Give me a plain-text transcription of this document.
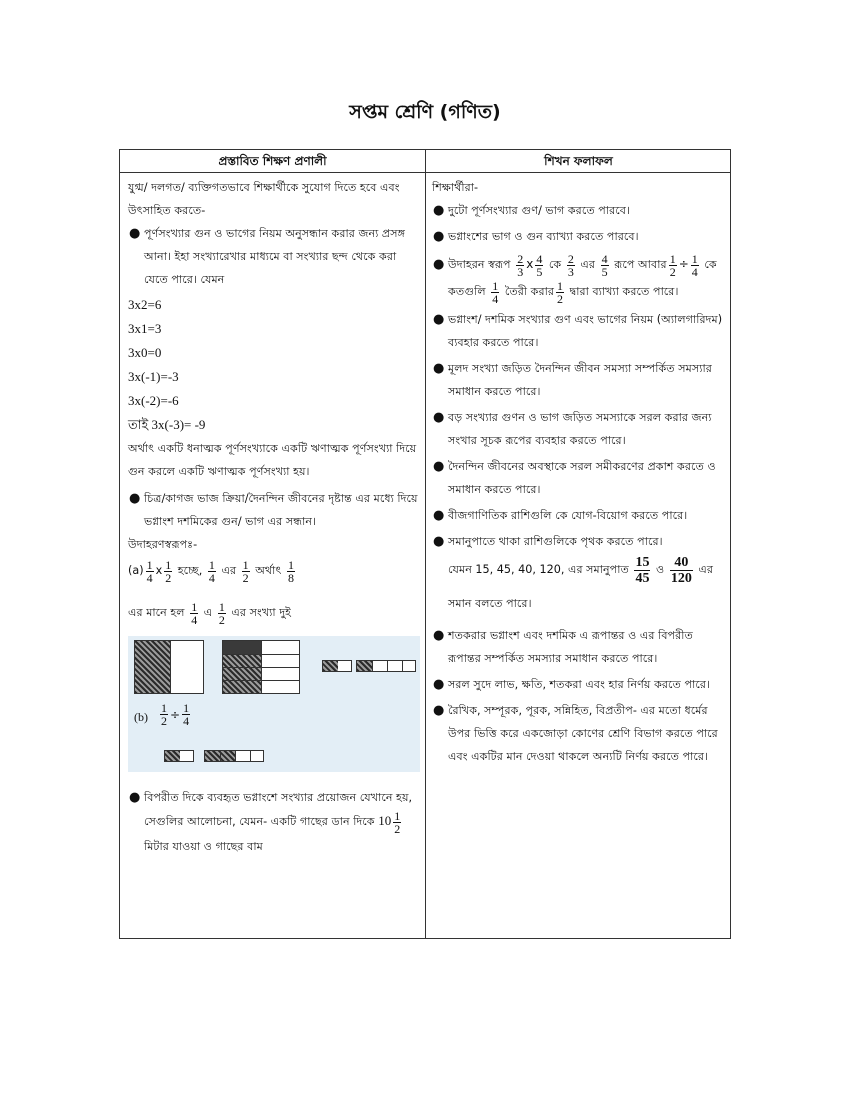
সপ্তম শ্রেণি (গণিত)
প্রস্তাবিত শিক্ষণ প্রণালী	শিখন ফলাফল

যুগ্ম/ দলগত/ ব্যক্তিগতভাবে শিক্ষার্থীকে সুযোগ দিতে হবে এবং উৎসাহিত করতে-

● পূর্ণসংখ্যার গুন ও ভাগের নিয়ম অনুসন্ধান করার জন্য প্রসঙ্গ আনা। ইহা সংখ্যারেখার মাধ্যমে বা সংখ্যার ছন্দ থেকে করা যেতে পারে। যেমন

3x2=6

3x1=3

3x0=0

3x(-1)=-3

3x(-2)=-6

তাই 3x(-3)= -9

অর্থাৎ একটি ধনাত্মক পূর্ণসংখ্যাকে একটি ঋণাত্মক পূর্ণসংখ্যা দিয়ে গুন করলে একটি ঋণাত্মক পূর্ণসংখ্যা হয়।

● চিত্র/কাগজ ভাজ ক্রিয়া/দৈনন্দিন জীবনের দৃষ্টান্ত এর মধ্যে দিয়ে ভগ্নাংশ দশমিকের গুন/ ভাগ এর সন্ধান।

উদাহরণস্বরূপঃ-

$(a) \frac{1}{4}$ x $\frac{1}{2}$ হচ্ছে, $\frac{1}{4}$ এর $\frac{1}{2}$ অর্থাৎ $\frac{1}{8}$

এর মানে হল $\frac{1}{4}$ এ $\frac{1}{2}$ এর সংখ্যা দুই

$(b) \frac{1}{2} \div \frac{1}{4}$
● বিপরীত দিকে ব্যবহৃত ভগ্নাংশে সংখ্যার প্রয়োজন যেখানে হয়, সেগুলির আলোচনা, যেমন- একটি গাছের ডান দিকে $10 \frac{1}{2}$
মিটার যাওয়া ও গাছের বাম

শিক্ষার্থীরা-

● দুটো পূর্ণসংখ্যার গুণ/ ভাগ করতে পারবে।
● ভগ্নাংশের ভাগ ও গুন ব্যাখ্যা করতে পারবে।
● উদাহরন স্বরূপ $\frac{2}{3}$ x $\frac{4}{5}$ কে $\frac{2}{3}$ এর $\frac{4}{5}$ রূপে আবার $\frac{1}{2} \div \frac{1}{4}$ কে কতগুলি $\frac{1}{4}$ তৈরী করার $\frac{1}{2}$ দ্বারা ব্যাখ্যা করতে পারে।
● ভগ্নাংশ/ দশমিক সংখ্যার গুণ এবং ভাগের নিয়ম (অ্যালগারিদম) ব্যবহার করতে পারে।
● মূলদ সংখ্যা জড়িত দৈনন্দিন জীবন সমস্যা সম্পর্কিত সমস্যার সমাধান করতে পারে।
● বড় সংখ্যার গুণন ও ভাগ জড়িত সমস্যাকে সরল করার জন্য সংখার সূচক রূপের ব্যবহার করতে পারে।
● দৈনন্দিন জীবনের অবস্থাকে সরল সমীকরণের প্রকাশ করতে ও সমাধান করতে পারে।
● বীজগাণিতিক রাশিগুলি কে যোগ-বিয়োগ করতে পারে।
● সমানুপাতে থাকা রাশিগুলিকে পৃথক করতে পারে।

যেমন 15, 45, 40, 120, এর সমানুপাত $\frac{15}{45}$ ও $\frac{40}{120}$ এর সমান বলতে পারে।

● শতকরার ভগ্নাংশ এবং দশমিক এ রূপান্তর ও এর বিপরীত রূপান্তর সম্পর্কিত সমস্যার সমাধান করতে পারে।
● সরল সুদে লাভ, ক্ষতি, শতকরা এবং হার নির্ণয় করতে পারে।
● রৈখিক, সম্পূরক, পূরক, সন্নিহিত, বিপ্রতীপ- এর মতো ধর্মের উপর ভিত্তি করে একজোড়া কোণের শ্রেণি বিভাগ করতে পারে এবং একটির মান দেওয়া থাকলে অন্যটি নির্ণয় করতে পারে।
